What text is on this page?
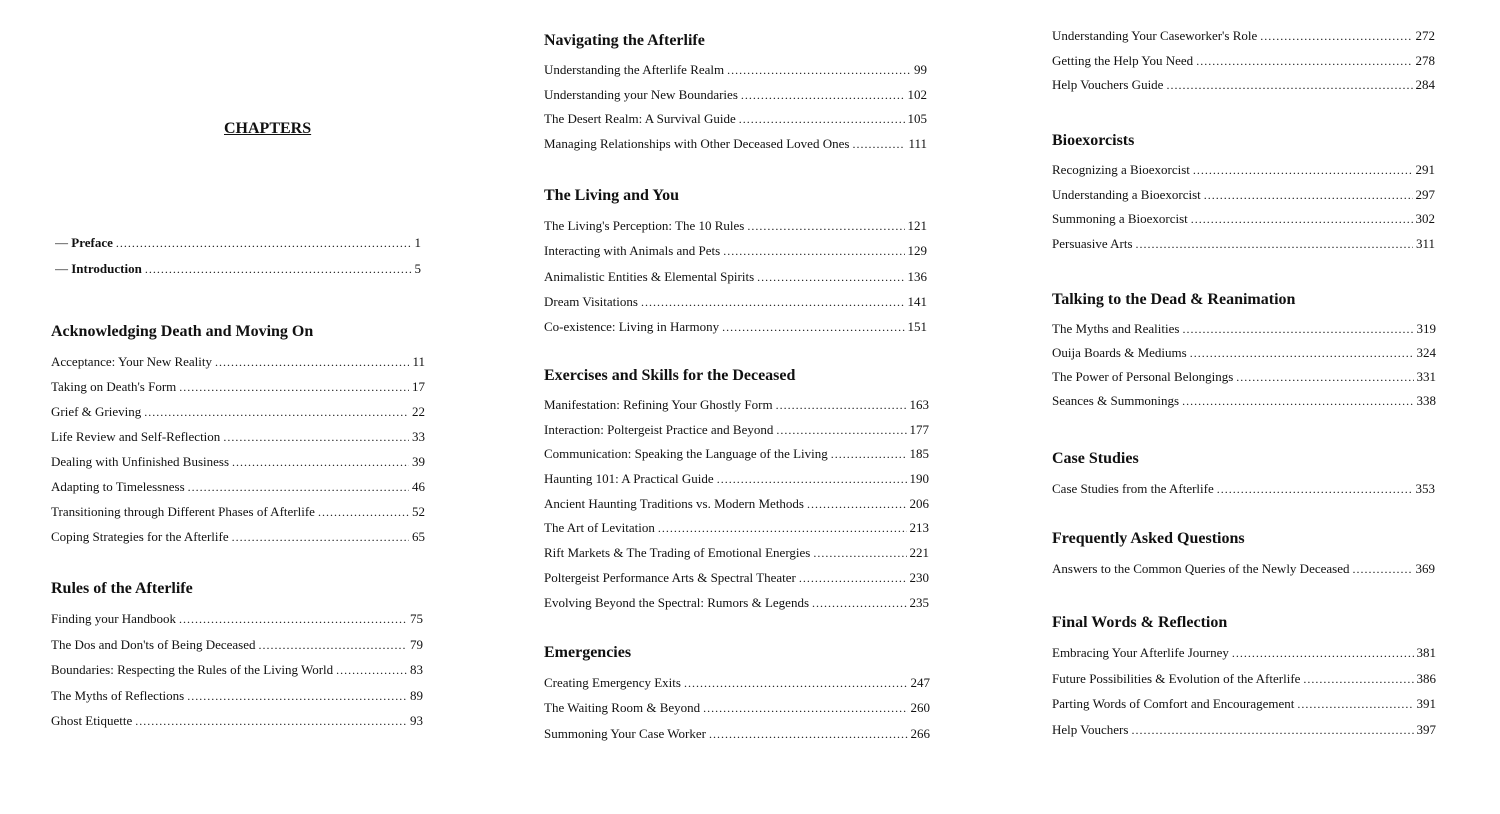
CHAPTERS
— Preface .....	1
— Introduction .....	5
Acknowledging Death and Moving On
Acceptance: Your New Reality .....	11
Taking on Death's Form .....	17
Grief & Grieving .....	22
Life Review and Self-Reflection .....	33
Dealing with Unfinished Business .....	39
Adapting to Timelessness .....	46
Transitioning through Different Phases of Afterlife .....	52
Coping Strategies for the Afterlife .....	65
Rules of the Afterlife
Finding your Handbook .....	75
The Dos and Don'ts of Being Deceased .....	79
Boundaries: Respecting the Rules of the Living World .....	83
The Myths of Reflections .....	89
Ghost Etiquette .....	93
Navigating the Afterlife
Understanding the Afterlife Realm .....	99
Understanding your New Boundaries .....	102
The Desert Realm: A Survival Guide .....	105
Managing Relationships with Other Deceased Loved Ones .....	111
The Living and You
The Living's Perception: The 10 Rules .....	121
Interacting with Animals and Pets .....	129
Animalistic Entities & Elemental Spirits .....	136
Dream Visitations .....	141
Co-existence: Living in Harmony .....	151
Exercises and Skills for the Deceased
Manifestation: Refining Your Ghostly Form .....	163
Interaction: Poltergeist Practice and Beyond .....	177
Communication: Speaking the Language of the Living .....	185
Haunting 101: A Practical Guide .....	190
Ancient Haunting Traditions vs. Modern Methods .....	206
The Art of Levitation .....	213
Rift Markets & The Trading of Emotional Energies .....	221
Poltergeist Performance Arts & Spectral Theater .....	230
Evolving Beyond the Spectral: Rumors & Legends .....	235
Emergencies
Creating Emergency Exits .....	247
The Waiting Room & Beyond .....	260
Summoning Your Case Worker .....	266
Understanding Your Caseworker's Role .....	272
Getting the Help You Need .....	278
Help Vouchers Guide .....	284
Bioexorcists
Recognizing a Bioexorcist .....	291
Understanding a Bioexorcist .....	297
Summoning a Bioexorcist .....	302
Persuasive Arts .....	311
Talking to the Dead & Reanimation
The Myths and Realities .....	319
Ouija Boards & Mediums .....	324
The Power of Personal Belongings .....	331
Seances & Summonings .....	338
Case Studies
Case Studies from the Afterlife .....	353
Frequently Asked Questions
Answers to the Common Queries of the Newly Deceased .....	369
Final Words & Reflection
Embracing Your Afterlife Journey .....	381
Future Possibilities & Evolution of the Afterlife .....	386
Parting Words of Comfort and Encouragement .....	391
Help Vouchers .....	397
